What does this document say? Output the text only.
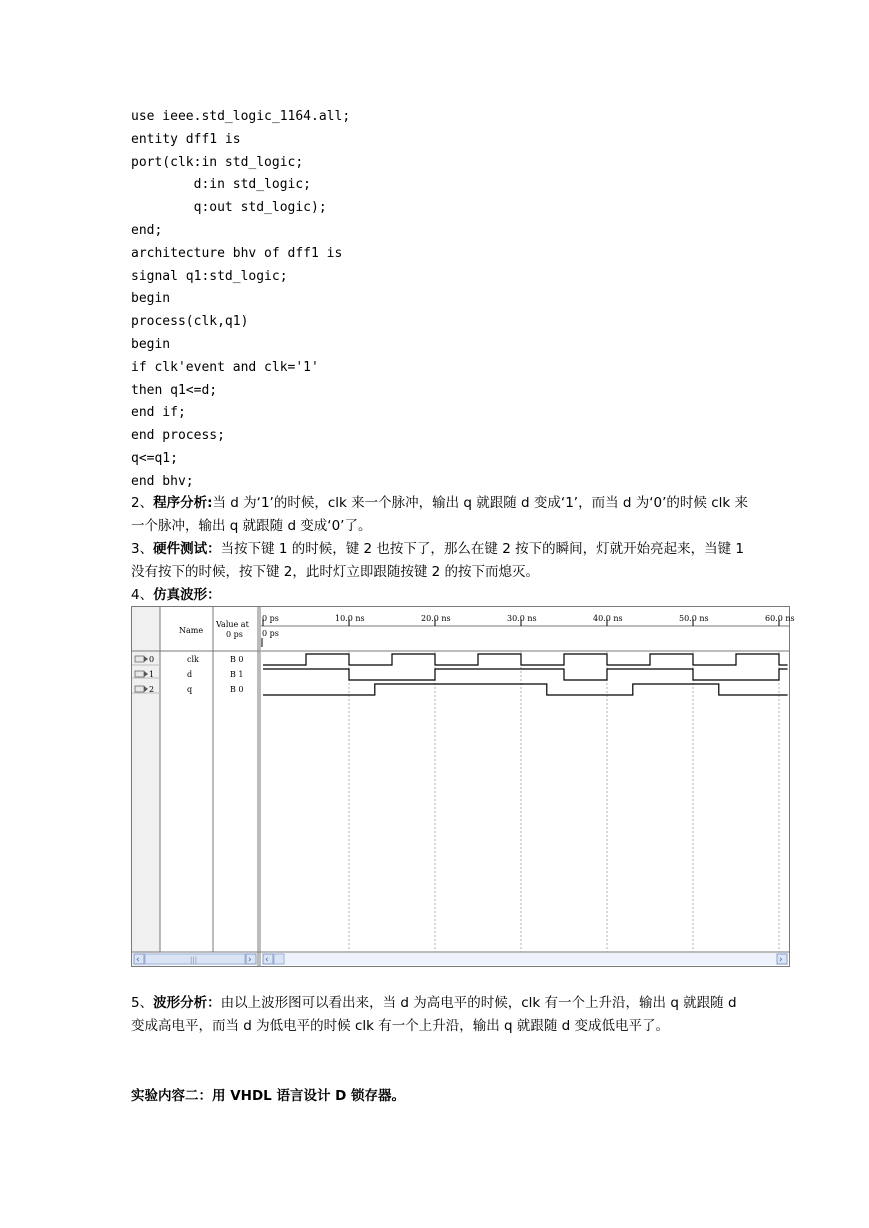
use ieee.std_logic_1164.all;
entity dff1 is
port(clk:in std_logic;
d:in std_logic;
q:out std_logic);
end;
architecture bhv of dff1 is
signal q1:std_logic;
begin
process(clk,q1)
begin
if clk'event and clk='1'
then q1<=d;
end if;
end process;
q<=q1;
end bhv;
2、程序分析:当 d 为‘1’的时候，clk 来一个脉冲，输出 q 就跟随 d 变成‘1’，而当 d 为‘0’的时候 clk 来一个脉冲，输出 q 就跟随 d 变成‘0’了。
3、硬件测试：当按下键 1 的时候，键 2 也按下了，那么在键 2 按下的瞬间，灯就开始亮起来，当键 1 没有按下的时候，按下键 2，此时灯立即跟随按键 2 的按下而熄灭。
4、仿真波形：
‹	|||	› ‹	›
Name
Value at
0 ps 0 ps
0 ps	10.0 ns	20.0 ns	30.0 ns	40.0 ns	50.0 ns	60.0 ns
0	clk	B 0
1	d	B 1
2	q	B 0
5、波形分析：由以上波形图可以看出来，当 d 为高电平的时候，clk 有一个上升沿，输出 q 就跟随 d 变成高电平，而当 d 为低电平的时候 clk 有一个上升沿，输出 q 就跟随 d 变成低电平了。
实验内容二：用 VHDL 语言设计 D 锁存器。
